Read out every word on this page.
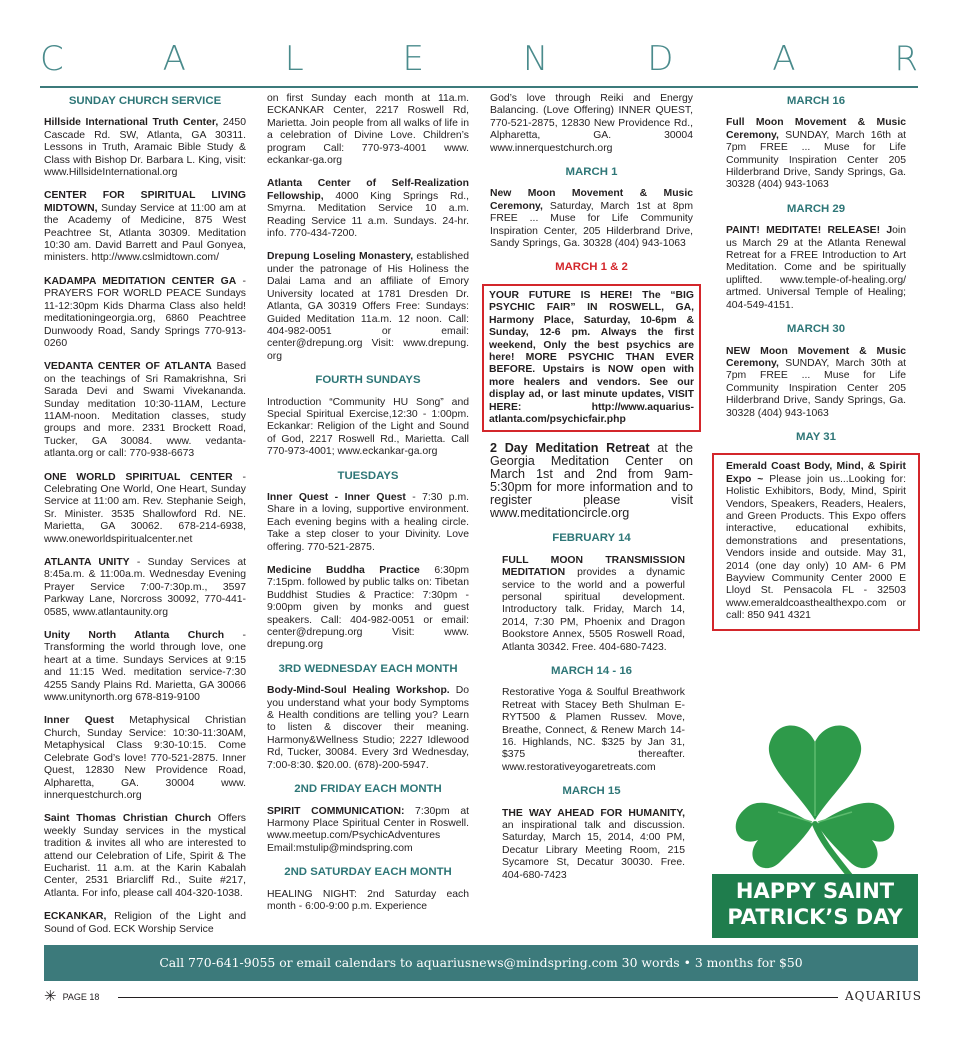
C	A	L	E	N	D	A	R
SUNDAY CHURCH SERVICE
Hillside International Truth Center, 2450 Cascade Rd. SW, Atlanta, GA 30311. Lessons in Truth, Aramaic Bible Study & Class with Bishop Dr. Barbara L. King, visit: www.HillsideInternational.org
CENTER FOR SPIRITUAL LIVING MIDTOWN, Sunday Service at 11:00 am at the Academy of Medicine, 875 West Peachtree St, Atlanta 30309. Meditation 10:30 am. David Barrett and Paul Gonyea, ministers. http://www.cslmidtown.com/
KADAMPA MEDITATION CENTER GA - PRAYERS FOR WORLD PEACE Sundays 11-12:30pm Kids Dharma Class also held! meditationingeorgia.org, 6860 Peachtree Dunwoody Road, Sandy Springs 770-913-0260
VEDANTA CENTER OF ATLANTA Based on the teachings of Sri Ramakrishna, Sri Sarada Devi and Swami Vivekananda. Sunday meditation 10:30-11AM, Lecture 11AM-noon. Meditation classes, study groups and more. 2331 Brockett Road, Tucker, GA 30084. www. vedanta-atlanta.org or call: 770-938-6673
ONE WORLD SPIRITUAL CENTER - Celebrating One World, One Heart, Sunday Service at 11:00 am. Rev. Stephanie Seigh, Sr. Minister. 3535 Shallowford Rd. NE. Marietta, GA 30062. 678-214-6938, www.oneworldspiritualcenter.net
ATLANTA UNITY - Sunday Services at 8:45a.m. & 11:00a.m. Wednesday Evening Prayer Service 7:00-7:30p.m., 3597 Parkway Lane, Norcross 30092, 770-441-0585, www.atlantaunity.org
Unity North Atlanta Church - Transforming the world through love, one heart at a time. Sundays Services at 9:15 and 11:15 Wed. meditation service-7:30 4255 Sandy Plains Rd. Marietta, GA 30066 www.unitynorth.org 678-819-9100
Inner Quest Metaphysical Christian Church, Sunday Service: 10:30-11:30AM, Metaphysical Class 9:30-10:15. Come Celebrate God’s love! 770-521-2875. Inner Quest, 12830 New Providence Road, Alpharetta, GA. 30004 www. innerquestchurch.org
Saint Thomas Christian Church Offers weekly Sunday services in the mystical tradition & invites all who are interested to attend our Celebration of Life, Spirit & The Eucharist. 11 a.m. at the Karin Kabalah Center, 2531 Briarcliff Rd., Suite #217, Atlanta. For info, please call 404-320-1038.
ECKANKAR, Religion of the Light and Sound of God. ECK Worship Service
on first Sunday each month at 11a.m. ECKANKAR Center, 2217 Roswell Rd, Marietta. Join people from all walks of life in a celebration of Divine Love. Children’s program Call: 770-973-4001 www. eckankar-ga.org
Atlanta Center of Self-Realization Fellowship, 4000 King Springs Rd., Smyrna. Meditation Service 10 a.m. Reading Service 11 a.m. Sundays. 24-hr. info. 770-434-7200.
Drepung Loseling Monastery, established under the patronage of His Holiness the Dalai Lama and an affiliate of Emory University located at 1781 Dresden Dr. Atlanta, GA 30319 Offers Free: Sundays: Guided Meditation 11a.m. 12 noon. Call: 404-982-0051 or email: center@drepung.org Visit: www.drepung. org
FOURTH SUNDAYS
Introduction “Community HU Song” and Special Spiritual Exercise,12:30 - 1:00pm. Eckankar: Religion of the Light and Sound of God, 2217 Roswell Rd., Marietta. Call 770-973-4001; www.eckankar-ga.org
TUESDAYS
Inner Quest - Inner Quest - 7:30 p.m. Share in a loving, supportive environment. Each evening begins with a healing circle. Take a step closer to your Divinity. Love offering. 770-521-2875.
Medicine Buddha Practice 6:30pm 7:15pm. followed by public talks on: Tibetan Buddhist Studies & Practice: 7:30pm - 9:00pm given by monks and guest speakers. Call: 404-982-0051 or email: center@drepung.org Visit: www. drepung.org
3RD WEDNESDAY EACH MONTH
Body-Mind-Soul Healing Workshop. Do you understand what your body Symptoms & Health conditions are telling you? Learn to listen & discover their meaning. Harmony&Wellness Studio; 2227 Idlewood Rd, Tucker, 30084. Every 3rd Wednesday, 7:00-8:30. $20.00. (678)-200-5947.
2ND FRIDAY EACH MONTH
SPIRIT COMMUNICATION: 7:30pm at Harmony Place Spiritual Center in Roswell. www.meetup.com/PsychicAdventures Email:mstulip@mindspring.com
2ND SATURDAY EACH MONTH
HEALING NIGHT: 2nd Saturday each month - 6:00-9:00 p.m. Experience
God’s love through Reiki and Energy Balancing. (Love Offering) INNER QUEST, 770-521-2875, 12830 New Providence Rd., Alpharetta, GA. 30004 www.innerquestchurch.org
MARCH 1
New Moon Movement & Music Ceremony, Saturday, March 1st at 8pm FREE ... Muse for Life Community Inspiration Center, 205 Hilderbrand Drive, Sandy Springs, Ga. 30328 (404) 943-1063
MARCH 1 & 2
YOUR FUTURE IS HERE! The “BIG PSYCHIC FAIR” IN ROSWELL, GA, Harmony Place, Saturday, 10-6pm & Sunday, 12-6 pm. Always the first weekend, Only the best psychics are here! MORE PSYCHIC THAN EVER BEFORE. Upstairs is NOW open with more healers and vendors. See our display ad, or last minute updates, VISIT HERE: http://www.aquarius-atlanta.com/psychicfair.php
2 Day Meditation Retreat at the Georgia Meditation Center on March 1st and 2nd from 9am-5:30pm for more information and to register please visit www.meditationcircle.org
FEBRUARY 14
FULL MOON TRANSMISSION MEDITATION provides a dynamic service to the world and a powerful personal spiritual development. Introductory talk. Friday, March 14, 2014, 7:30 PM, Phoenix and Dragon Bookstore Annex, 5505 Roswell Road, Atlanta 30342. Free. 404-680-7423.
MARCH 14 - 16
Restorative Yoga & Soulful Breathwork Retreat with Stacey Beth Shulman E-RYT500 & Plamen Russev. Move, Breathe, Connect, & Renew March 14-16. Highlands, NC. $325 by Jan 31, $375 thereafter. www.restorativeyogaretreats.com
MARCH 15
THE WAY AHEAD FOR HUMANITY, an inspirational talk and discussion. Saturday, March 15, 2014, 4:00 PM, Decatur Library Meeting Room, 215 Sycamore St, Decatur 30030. Free. 404-680-7423
MARCH 16
Full Moon Movement & Music Ceremony, SUNDAY, March 16th at 7pm FREE ... Muse for Life Community Inspiration Center 205 Hilderbrand Drive, Sandy Springs, Ga. 30328 (404) 943-1063
MARCH 29
PAINT! MEDITATE! RELEASE! Join us March 29 at the Atlanta Renewal Retreat for a FREE Introduction to Art Meditation. Come and be spiritually uplifted. www.temple-of-healing.org/ artmed. Universal Temple of Healing; 404-549-4151.
MARCH 30
NEW Moon Movement & Music Ceremony, SUNDAY, March 30th at 7pm FREE ... Muse for Life Community Inspiration Center 205 Hilderbrand Drive, Sandy Springs, Ga. 30328 (404) 943-1063
MAY 31
Emerald Coast Body, Mind, & Spirit Expo ~ Please join us...Looking for: Holistic Exhibitors, Body, Mind, Spirit Vendors, Speakers, Readers, Healers, and Green Products. This Expo offers interactive, educational exhibits, demonstrations and presentations, Vendors inside and outside. May 31, 2014 (one day only) 10 AM- 6 PM Bayview Community Center 2000 E Lloyd St. Pensacola FL - 32503 www.emeraldcoasthealthexpo.com or call: 850 941 4321
HAPPY SAINT
PATRICK’S DAY
Call 770-641-9055 or email calendars to aquariusnews@mindspring.com 30 words • 3 months for $50
✳ PAGE 18	AQUARIUS
